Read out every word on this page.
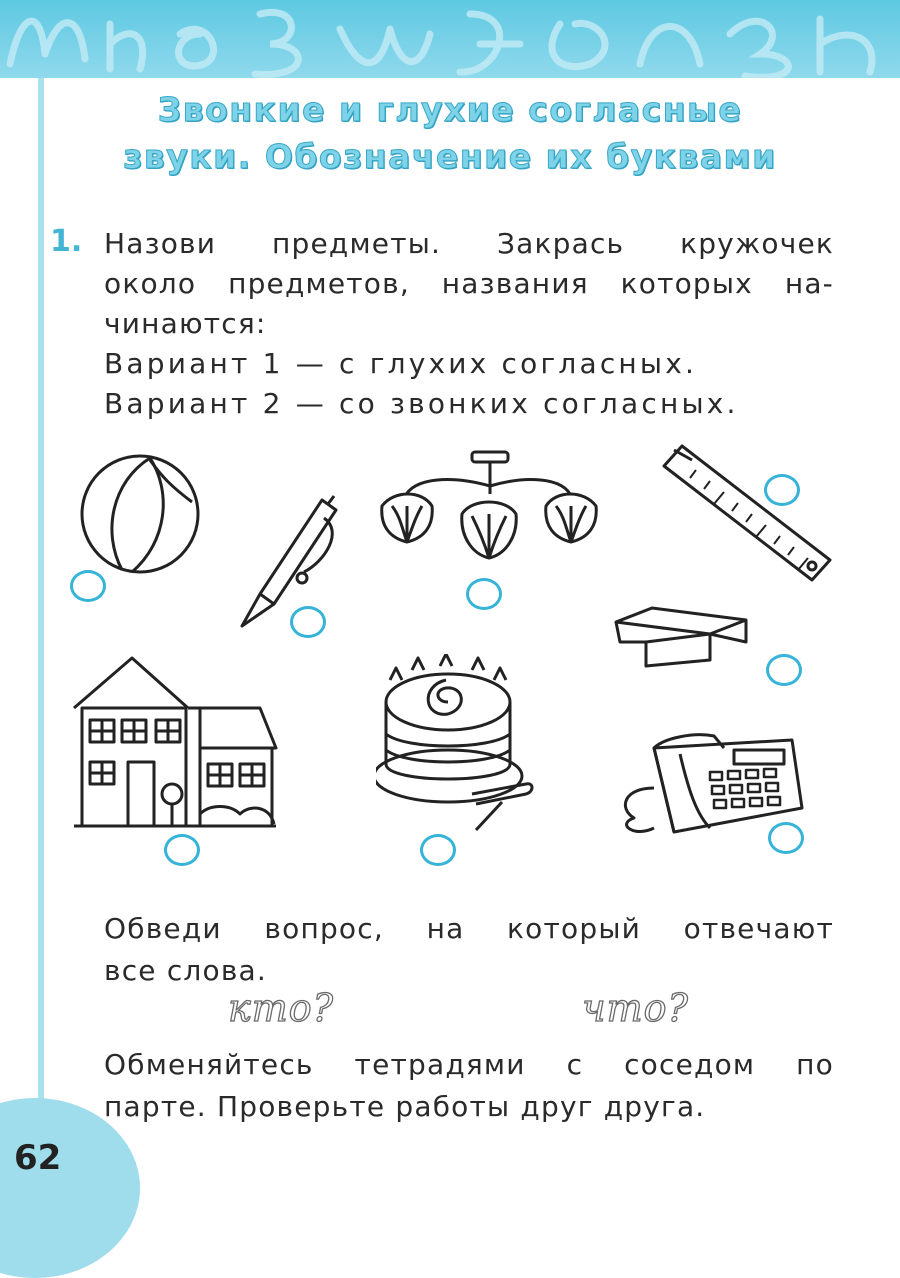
Звонкие и глухие согласные
звуки. Обозначение их буквами
1. Назови предметы. Закрась кружочек
около предметов, названия которых на-
чинаются:
Вариант 1 — с глухих согласных.
Вариант 2 — со звонких согласных.
Обведи вопрос, на который отвечают
все слова.
кто?	что?
Обменяйтесь тетрадями с соседом по
парте. Проверьте работы друг друга.
62
